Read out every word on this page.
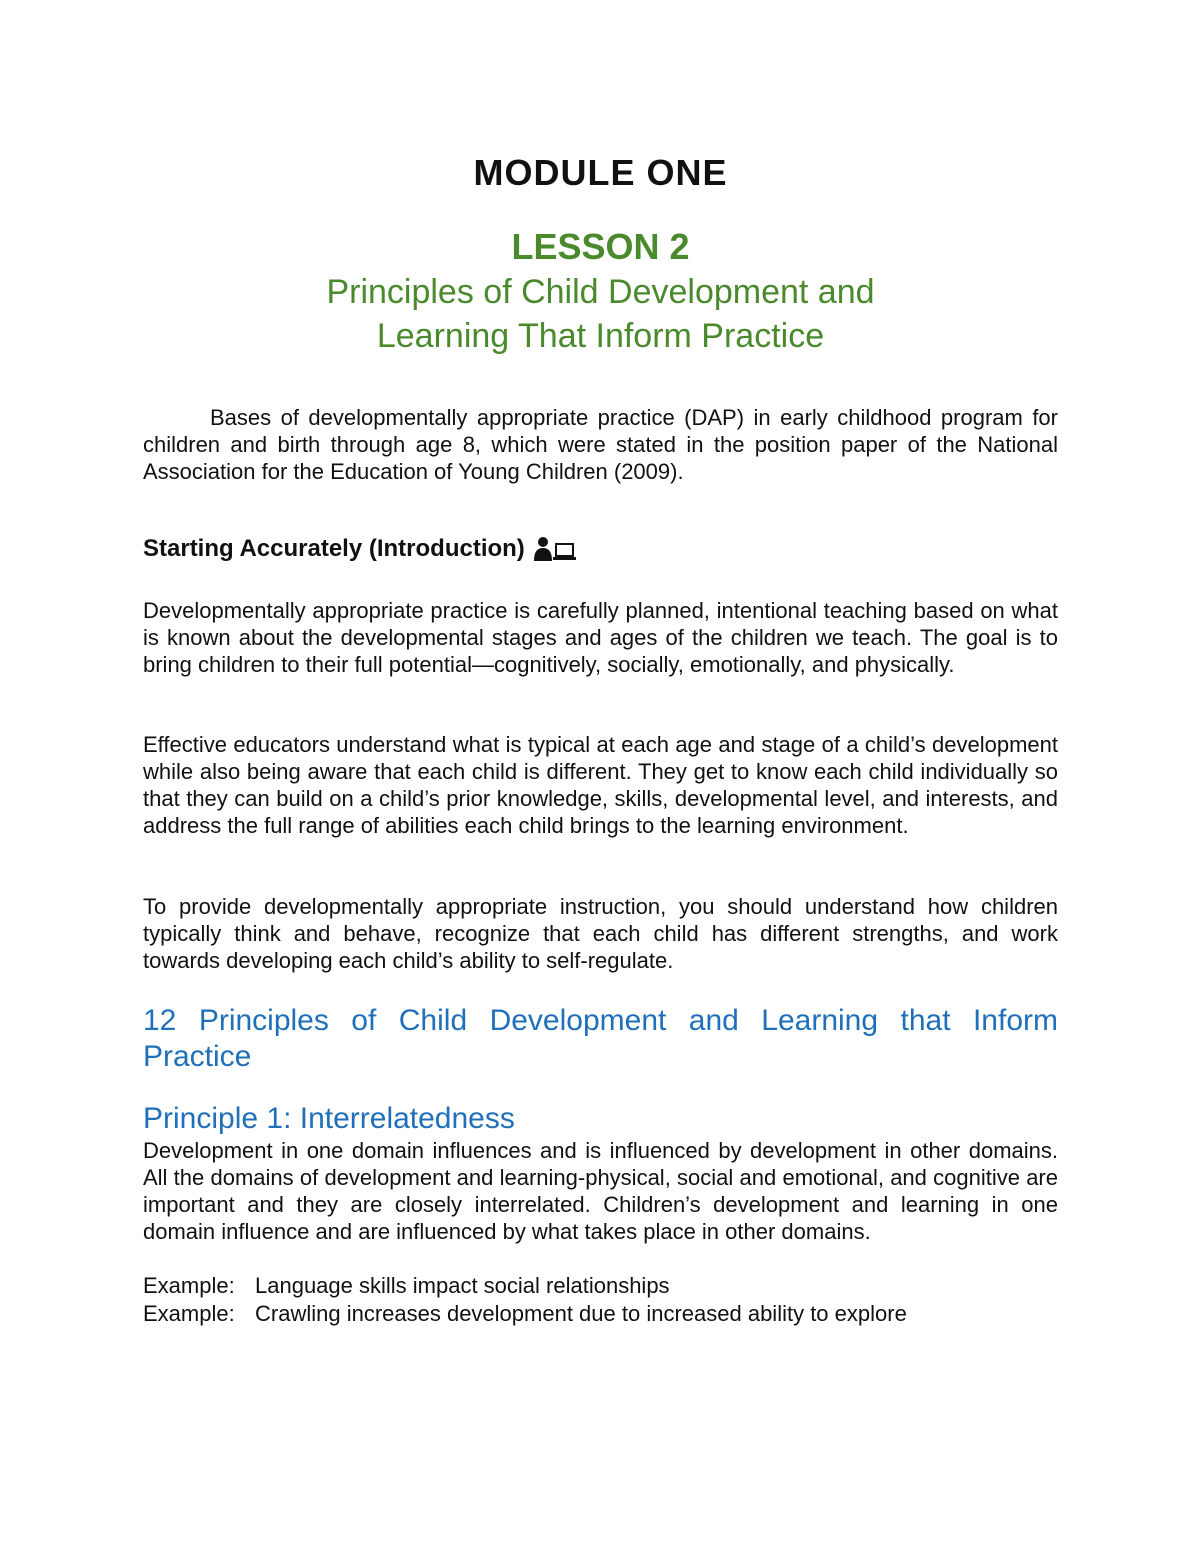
MODULE ONE
LESSON 2
Principles of Child Development and
Learning That Inform Practice

Bases of developmentally appropriate practice (DAP) in early childhood program for children and birth through age 8, which were stated in the position paper of the National Association for the Education of Young Children (2009).

Starting Accurately (Introduction)

Developmentally appropriate practice is carefully planned, intentional teaching based on what is known about the developmental stages and ages of the children we teach. The goal is to bring children to their full potential—cognitively, socially, emotionally, and physically.

Effective educators understand what is typical at each age and stage of a child’s development while also being aware that each child is different. They get to know each child individually so that they can build on a child’s prior knowledge, skills, developmental level, and interests, and address the full range of abilities each child brings to the learning environment.

To provide developmentally appropriate instruction, you should understand how children typically think and behave, recognize that each child has different strengths, and work towards developing each child’s ability to self-regulate.

12 Principles of Child Development and Learning that Inform Practice
Principle 1: Interrelatedness

Development in one domain influences and is influenced by development in other domains. All the domains of development and learning-physical, social and emotional, and cognitive are important and they are closely interrelated. Children’s development and learning in one domain influence and are influenced by what takes place in other domains.

Example: Language skills impact social relationships
Example: Crawling increases development due to increased ability to explore
